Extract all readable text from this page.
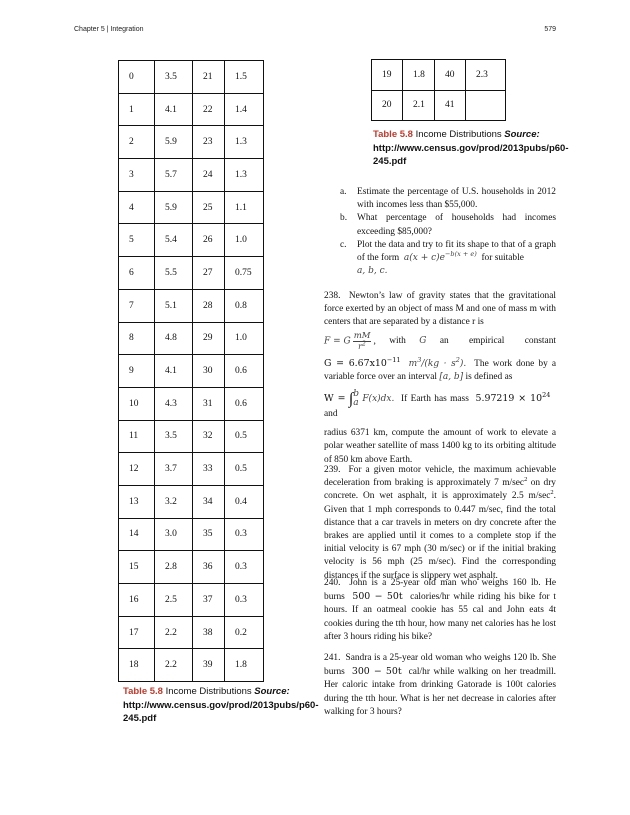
Chapter 5 | Integration	579
0	3.5	21	1.5
1	4.1	22	1.4
2	5.9	23	1.3
3	5.7	24	1.3
4	5.9	25	1.1
5	5.4	26	1.0
6	5.5	27	0.75
7	5.1	28	0.8
8	4.8	29	1.0
9	4.1	30	0.6
10	4.3	31	0.6
11	3.5	32	0.5
12	3.7	33	0.5
13	3.2	34	0.4
14	3.0	35	0.3
15	2.8	36	0.3
16	2.5	37	0.3
17	2.2	38	0.2
18	2.2	39	1.8
Table 5.8 Income Distributions Source: http://www.census.gov/prod/2013pubs/p60-245.pdf
19	1.8	40	2.3
20	2.1	41	
Table 5.8 Income Distributions Source: http://www.census.gov/prod/2013pubs/p60-245.pdf
a. Estimate the percentage of U.S. households in 2012 with incomes less than $55,000.
b. What percentage of households had incomes exceeding $85,000?
c. Plot the data and try to fit its shape to that of a graph of the form $a(x + c)e^{-b(x + e)}$ for suitable
a, b, c.

238. Newton’s law of gravity states that the gravitational force exerted by an object of mass M and one of mass m with centers that are separated by a distance r is

F = G $\frac{mM}{r^2}$ , with G an empirical constant

$G = 6.67x10^{-11}$ $m^3/(kg \cdot s^2)$. The work done by a variable force over an interval [a, b] is defined as

W = ∫b
a F(x)dx. If Earth has mass $5.97219 \times 10^{24}$   and

radius 6371 km, compute the amount of work to elevate a polar weather satellite of mass 1400 kg to its orbiting altitude of 850 km above Earth.

239. For a given motor vehicle, the maximum achievable deceleration from braking is approximately 7 $m/\sec^2$ on dry concrete. On wet asphalt, it is approximately 2.5 $m/\sec^2$. Given that 1 mph corresponds to 0.447 m/sec, find the total distance that a car travels in meters on dry concrete after the brakes are applied until it comes to a complete stop if the initial velocity is 67 mph (30 m/sec) or if the initial braking velocity is 56 mph (25 m/sec). Find the corresponding distances if the surface is slippery wet asphalt.

240. John is a 25-year old man who weighs 160 lb. He burns 500 − 50t calories/hr while riding his bike for t hours. If an oatmeal cookie has 55 cal and John eats 4t cookies during the tth hour, how many net calories has he lost after 3 hours riding his bike?

241. Sandra is a 25-year old woman who weighs 120 lb. She burns 300 − 50t cal/hr while walking on her treadmill. Her caloric intake from drinking Gatorade is 100t calories during the tth hour. What is her net decrease in calories after walking for 3 hours?
